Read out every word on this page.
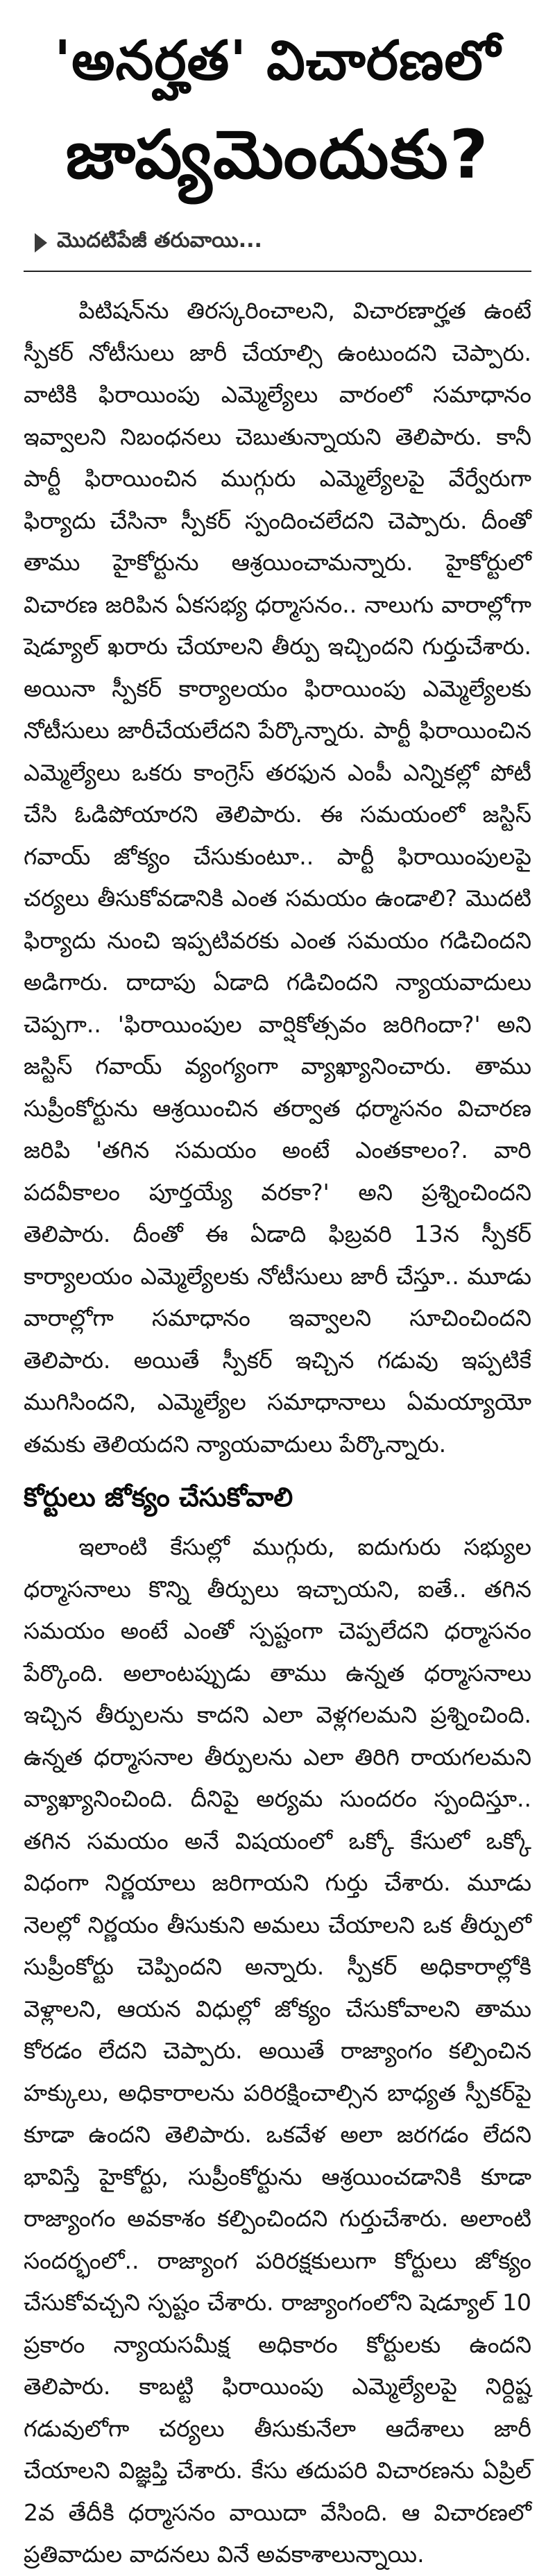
'అనర్హత' విచారణలో
జాప్యమెందుకు?
మొదటిపేజీ తరువాయి...

పిటిషన్‌ను తిరస్కరించాలని, విచారణార్హత ఉంటే స్పీకర్ నోటీసులు జారీ చేయాల్సి ఉంటుందని చెప్పారు. వాటికి ఫిరాయింపు ఎమ్మెల్యేలు వారంలో సమాధానం ఇవ్వాలని నిబంధనలు చెబుతున్నాయని తెలిపారు. కానీ పార్టీ ఫిరాయించిన ముగ్గురు ఎమ్మెల్యేలపై వేర్వేరుగా ఫిర్యాదు చేసినా స్పీకర్ స్పందించలేదని చెప్పారు. దీంతో తాము హైకోర్టును ఆశ్రయించామన్నారు. హైకోర్టులో విచారణ జరిపిన ఏకసభ్య ధర్మాసనం.. నాలుగు వారాల్లోగా షెడ్యూల్ ఖరారు చేయాలని తీర్పు ఇచ్చిందని గుర్తుచేశారు. అయినా స్పీకర్ కార్యాలయం ఫిరాయింపు ఎమ్మెల్యేలకు నోటీసులు జారీచేయలేదని పేర్కొన్నారు. పార్టీ ఫిరాయించిన ఎమ్మెల్యేలు ఒకరు కాంగ్రెస్ తరఫున ఎంపీ ఎన్నికల్లో పోటీ చేసి ఓడిపోయారని తెలిపారు. ఈ సమయంలో జస్టిస్ గవాయ్ జోక్యం చేసుకుంటూ.. పార్టీ ఫిరాయింపులపై చర్యలు తీసుకోవడానికి ఎంత సమయం ఉండాలి? మొదటి ఫిర్యాదు నుంచి ఇప్పటివరకు ఎంత సమయం గడిచిందని అడిగారు. దాదాపు ఏడాది గడిచిందని న్యాయవాదులు చెప్పగా.. 'ఫిరాయింపుల వార్షికోత్సవం జరిగిందా?' అని జస్టిస్ గవాయ్ వ్యంగ్యంగా వ్యాఖ్యానించారు. తాము సుప్రీంకోర్టును ఆశ్రయించిన తర్వాత ధర్మాసనం విచారణ జరిపి 'తగిన సమయం అంటే ఎంతకాలం?. వారి పదవీకాలం పూర్తయ్యే వరకా?' అని ప్రశ్నించిందని తెలిపారు. దీంతో ఈ ఏడాది ఫిబ్రవరి 13న స్పీకర్ కార్యాలయం ఎమ్మెల్యేలకు నోటీసులు జారీ చేస్తూ.. మూడు వారాల్లోగా సమాధానం ఇవ్వాలని సూచించిందని తెలిపారు. అయితే స్పీకర్ ఇచ్చిన గడువు ఇప్పటికే ముగిసిందని, ఎమ్మెల్యేల సమాధానాలు ఏమయ్యాయో తమకు తెలియదని న్యాయవాదులు పేర్కొన్నారు.

కోర్టులు జోక్యం చేసుకోవాలి

ఇలాంటి కేసుల్లో ముగ్గురు, ఐదుగురు సభ్యుల ధర్మాసనాలు కొన్ని తీర్పులు ఇచ్చాయని, ఐతే.. తగిన సమయం అంటే ఎంతో స్పష్టంగా చెప్పలేదని ధర్మాసనం పేర్కొంది. అలాంటప్పుడు తాము ఉన్నత ధర్మాసనాలు ఇచ్చిన తీర్పులను కాదని ఎలా వెళ్లగలమని ప్రశ్నించింది. ఉన్నత ధర్మాసనాల తీర్పులను ఎలా తిరిగి రాయగలమని వ్యాఖ్యానించింది. దీనిపై అర్యమ సుందరం స్పందిస్తూ.. తగిన సమయం అనే విషయంలో ఒక్కో కేసులో ఒక్కో విధంగా నిర్ణయాలు జరిగాయని గుర్తు చేశారు. మూడు నెలల్లో నిర్ణయం తీసుకుని అమలు చేయాలని ఒక తీర్పులో సుప్రీంకోర్టు చెప్పిందని అన్నారు. స్పీకర్ అధికారాల్లోకి వెళ్లాలని, ఆయన విధుల్లో జోక్యం చేసుకోవాలని తాము కోరడం లేదని చెప్పారు. అయితే రాజ్యాంగం కల్పించిన హక్కులు, అధికారాలను పరిరక్షించాల్సిన బాధ్యత స్పీకర్‌పై కూడా ఉందని తెలిపారు. ఒకవేళ అలా జరగడం లేదని భావిస్తే హైకోర్టు, సుప్రీంకోర్టును ఆశ్రయించడానికి కూడా రాజ్యాంగం అవకాశం కల్పించిందని గుర్తుచేశారు. అలాంటి సందర్భంలో.. రాజ్యాంగ పరిరక్షకులుగా కోర్టులు జోక్యం చేసుకోవచ్చని స్పష్టం చేశారు. రాజ్యాంగంలోని షెడ్యూల్ 10 ప్రకారం న్యాయసమీక్ష అధికారం కోర్టులకు ఉందని తెలిపారు. కాబట్టి ఫిరాయింపు ఎమ్మెల్యేలపై నిర్దిష్ట గడువులోగా చర్యలు తీసుకునేలా ఆదేశాలు జారీ చేయాలని విజ్ఞప్తి చేశారు. కేసు తదుపరి విచారణను ఏప్రిల్ 2వ తేదీకి ధర్మాసనం వాయిదా వేసింది. ఆ విచారణలో ప్రతివాదుల వాదనలు వినే అవకాశాలున్నాయి.
